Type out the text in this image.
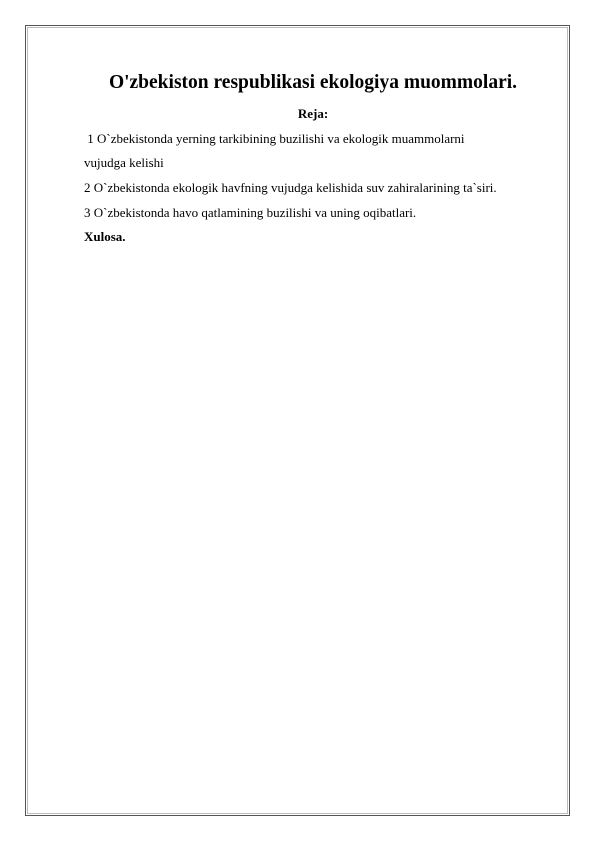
O'zbekiston respublikasi ekologiya muommolari.
Reja:
1 O`zbekistonda yerning tarkibining buzilishi va ekologik muammolarni
vujudga kelishi
2 O`zbekistonda ekologik havfning vujudga kelishida suv zahiralarining ta`siri.
3 O`zbekistonda havo qatlamining buzilishi va uning oqibatlari.
Xulosa.
